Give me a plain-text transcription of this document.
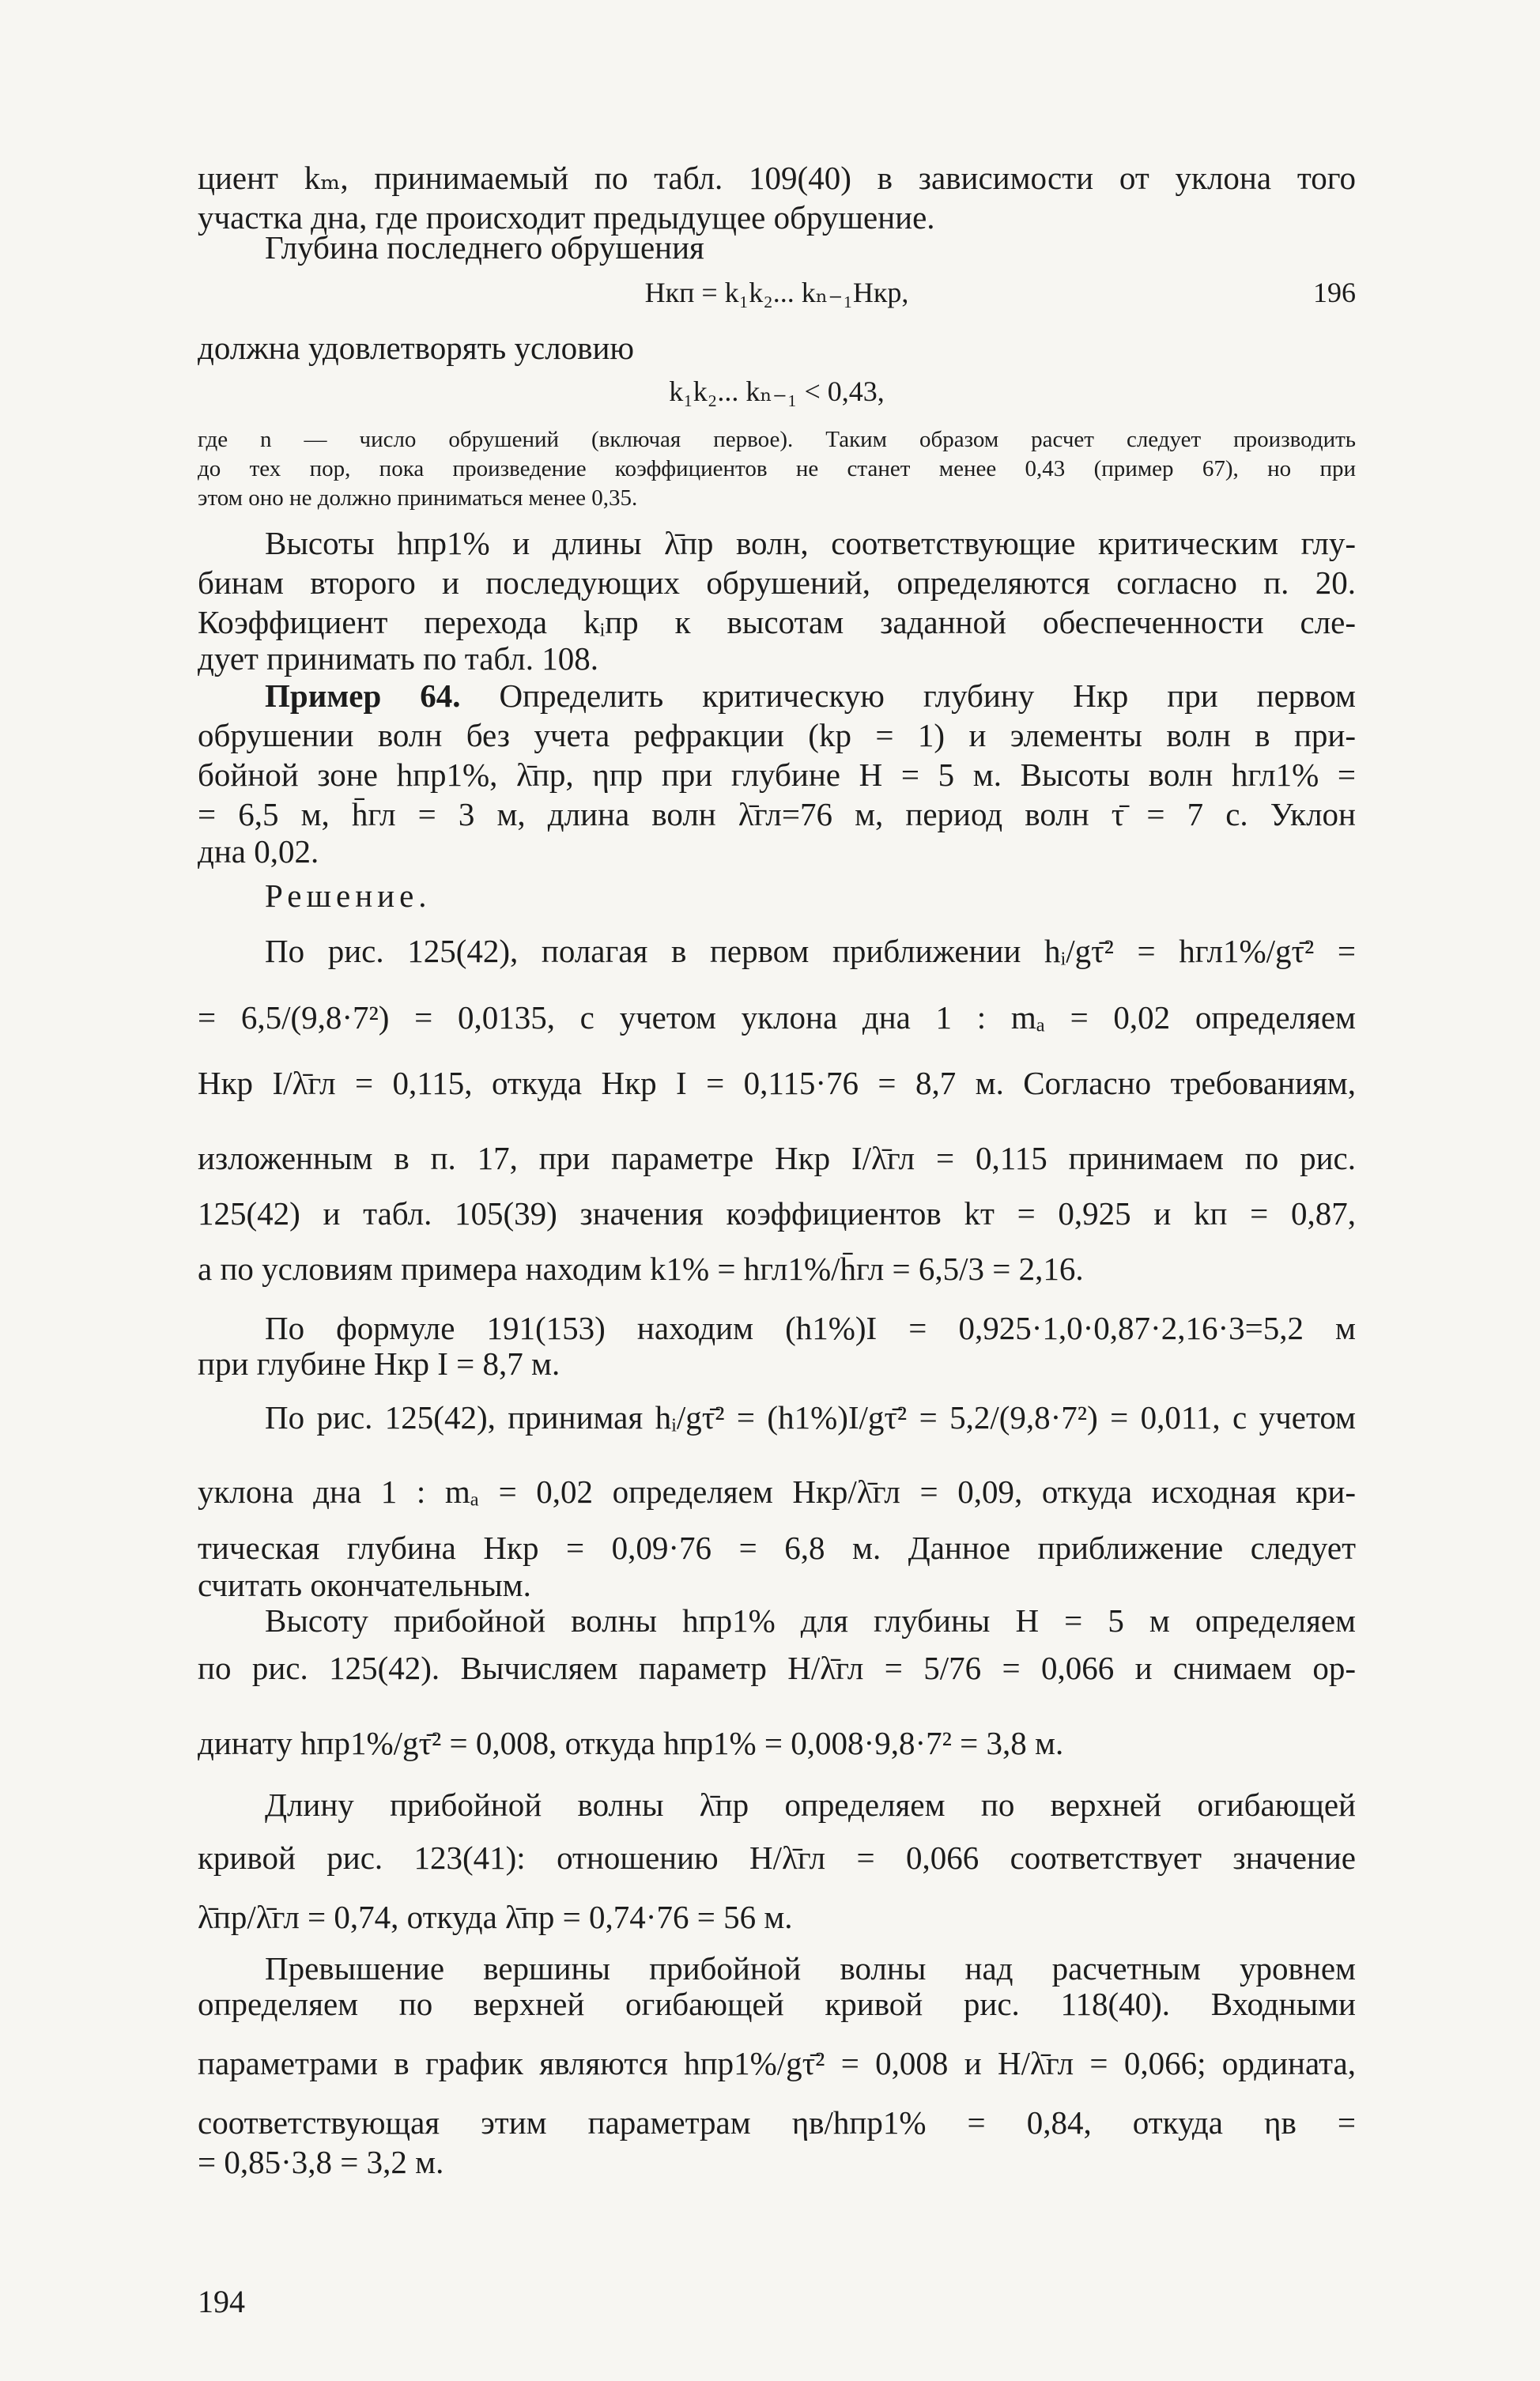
циент kₘ, принимаемый по табл. 109(40) в зависимости от уклона того
участка дна, где происходит предыдущее обрушение.
Глубина последнего обрушения
Hкп = k₁k₂... kₙ₋₁Hкр,	196
должна удовлетворять условию
k₁k₂... kₙ₋₁ < 0,43,
где n — число обрушений (включая первое). Таким образом расчет следует производить
до тех пор, пока произведение коэффициентов не станет менее 0,43 (пример 67), но при
этом оно не должно приниматься менее 0,35.
Высоты hпр1% и длины λ̄пр волн, соответствующие критическим глу-
бинам второго и последующих обрушений, определяются согласно п. 20.
Коэффициент перехода kᵢпр к высотам заданной обеспеченности сле-
дует принимать по табл. 108.
Пример 64. Определить критическую глубину Hкр при первом
обрушении волн без учета рефракции (kр = 1) и элементы волн в при-
бойной зоне hпр1%, λ̄пр, ηпр при глубине H = 5 м. Высоты волн hгл1% =
= 6,5 м, h̄гл = 3 м, длина волн λ̄гл=76 м, период волн τ̄ = 7 с. Уклон
дна 0,02.
Решение.
По рис. 125(42), полагая в первом приближении hᵢ/gτ̄² = hгл1%/gτ̄² =
= 6,5/(9,8·7²) = 0,0135, с учетом уклона дна 1 : mₐ = 0,02 определяем
Hкр I/λ̄гл = 0,115, откуда Hкр I = 0,115·76 = 8,7 м. Согласно требованиям,
изложенным в п. 17, при параметре Hкр I/λ̄гл = 0,115 принимаем по рис.
125(42) и табл. 105(39) значения коэффициентов kт = 0,925 и kп = 0,87,
а по условиям примера находим k1% = hгл1%/h̄гл = 6,5/3 = 2,16.
По формуле 191(153) находим (h1%)I = 0,925·1,0·0,87·2,16·3=5,2 м
при глубине Hкр I = 8,7 м.
По рис. 125(42), принимая hᵢ/gτ̄² = (h1%)I/gτ̄² = 5,2/(9,8·7²) = 0,011, с учетом
уклона дна 1 : mₐ = 0,02 определяем Hкр/λ̄гл = 0,09, откуда исходная кри-
тическая глубина Hкр = 0,09·76 = 6,8 м. Данное приближение следует
считать окончательным.
Высоту прибойной волны hпр1% для глубины H = 5 м определяем
по рис. 125(42). Вычисляем параметр H/λ̄гл = 5/76 = 0,066 и снимаем ор-
динату hпр1%/gτ̄² = 0,008, откуда hпр1% = 0,008·9,8·7² = 3,8 м.
Длину прибойной волны λ̄пр определяем по верхней огибающей
кривой рис. 123(41): отношению H/λ̄гл = 0,066 соответствует значение
λ̄пр/λ̄гл = 0,74, откуда λ̄пр = 0,74·76 = 56 м.
Превышение вершины прибойной волны над расчетным уровнем
определяем по верхней огибающей кривой рис. 118(40). Входными
параметрами в график являются hпр1%/gτ̄² = 0,008 и H/λ̄гл = 0,066; ордината,
соответствующая этим параметрам ηв/hпр1% = 0,84, откуда ηв =
= 0,85·3,8 = 3,2 м.
194
